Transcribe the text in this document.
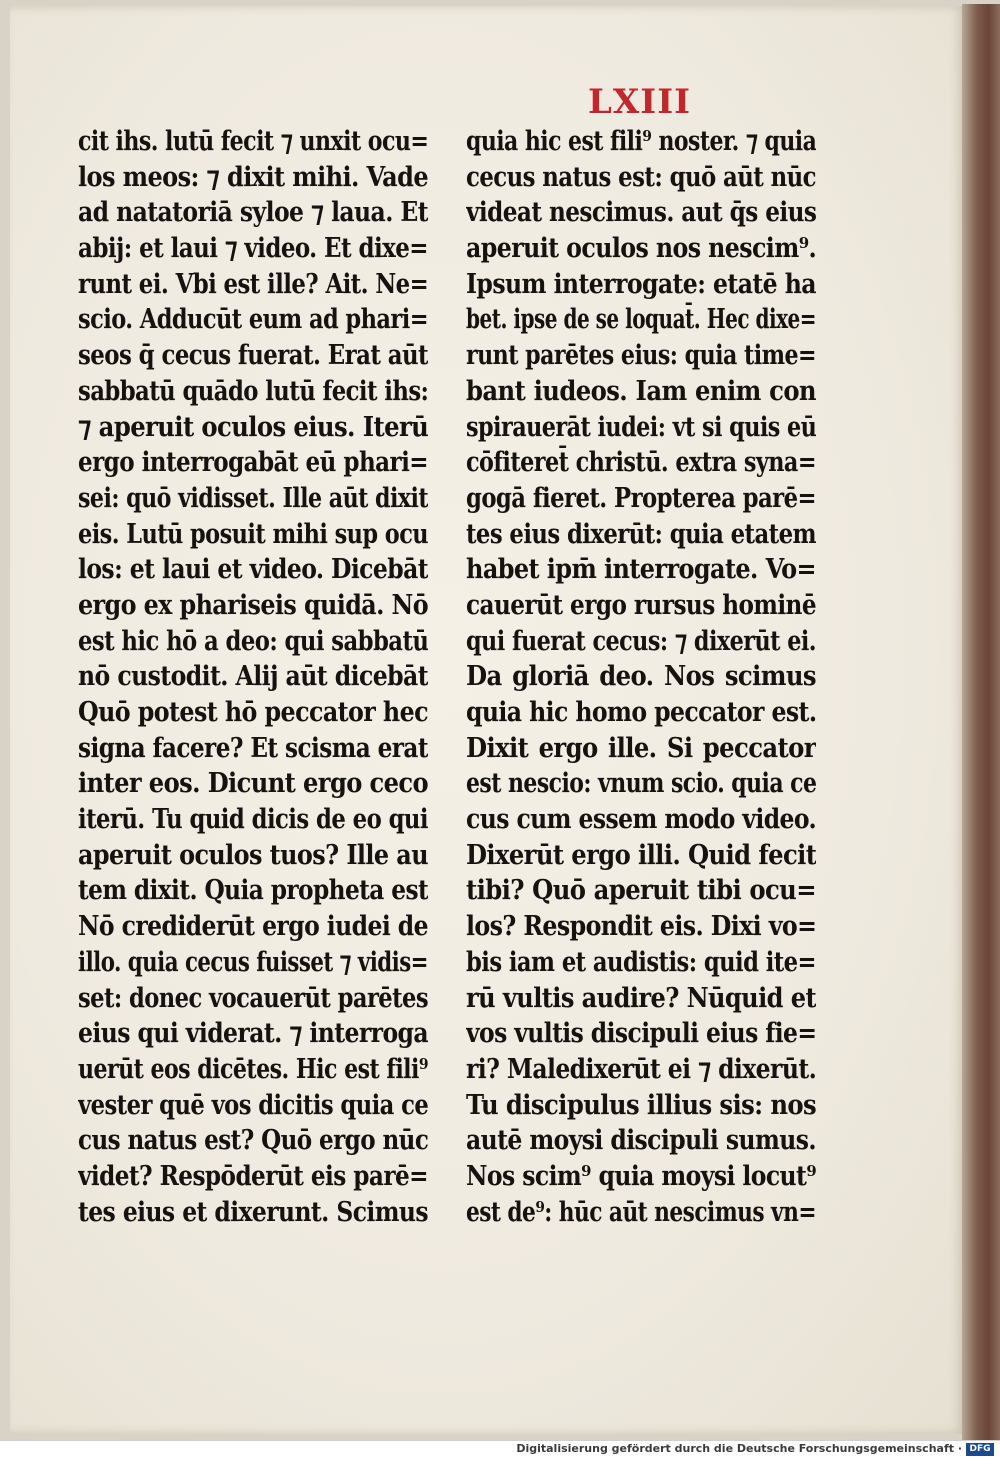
LXIII
cit ihs. lutū fecit ⁊ unxit ocu=
los meos: ⁊ dixit mihi. Vade
ad natatoriā syloe ⁊ laua. Et
abij: et laui ⁊ video. Et dixe=
runt ei. Vbi est ille? Ait. Ne=
scio. Adducūt eum ad phari=
seos q̄ cecus fuerat. Erat aūt
sabbatū quādo lutū fecit ihs:
⁊ aperuit oculos eius. Iterū
ergo interrogabāt eū phari=
sei: quō vidisset. Ille aūt dixit
eis. Lutū posuit mihi sup ocu
los: et laui et video. Dicebāt
ergo ex phariseis quidā. Nō
est hic hō a deo: qui sabbatū
nō custodit. Alij aūt dicebāt
Quō potest hō peccator hec
signa facere? Et scisma erat
inter eos. Dicunt ergo ceco
iterū. Tu quid dicis de eo qui
aperuit oculos tuos? Ille au
tem dixit. Quia propheta est
Nō crediderūt ergo iudei de
illo. quia cecus fuisset ⁊ vidis=
set: donec vocauerūt parētes
eius qui viderat. ⁊ interroga
uerūt eos dicētes. Hic est fili⁹
vester quē vos dicitis quia ce
cus natus est? Quō ergo nūc
videt? Respōderūt eis parē=
tes eius et dixerunt. Scimus
quia hic est fili⁹ noster. ⁊ quia
cecus natus est: quō aūt nūc
videat nescimus. aut q̄s eius
aperuit oculos nos nescim⁹.
Ipsum interrogate: etatē ha
bet. ipse de se loquat̄. Hec dixe=
runt parētes eius: quia time=
bant iudeos. Iam enim con
spirauerāt iudei: vt si quis eū
cōfiteret̄ christū. extra syna=
gogā fieret. Propterea parē=
tes eius dixerūt: quia etatem
habet ipm̄ interrogate. Vo=
cauerūt ergo rursus hominē
qui fuerat cecus: ⁊ dixerūt ei.
Da gloriā deo. Nos scimus
quia hic homo peccator est.
Dixit ergo ille. Si peccator
est nescio: vnum scio. quia ce
cus cum essem modo video.
Dixerūt ergo illi. Quid fecit
tibi? Quō aperuit tibi ocu=
los? Respondit eis. Dixi vo=
bis iam et audistis: quid ite=
rū vultis audire? Nūquid et
vos vultis discipuli eius fie=
ri? Maledixerūt ei ⁊ dixerūt.
Tu discipulus illius sis: nos
autē moysi discipuli sumus.
Nos scim⁹ quia moysi locut⁹
est de⁹: hūc aūt nescimus vn=
Digitalisierung gefördert durch die Deutsche Forschungsgemeinschaft · DFG
